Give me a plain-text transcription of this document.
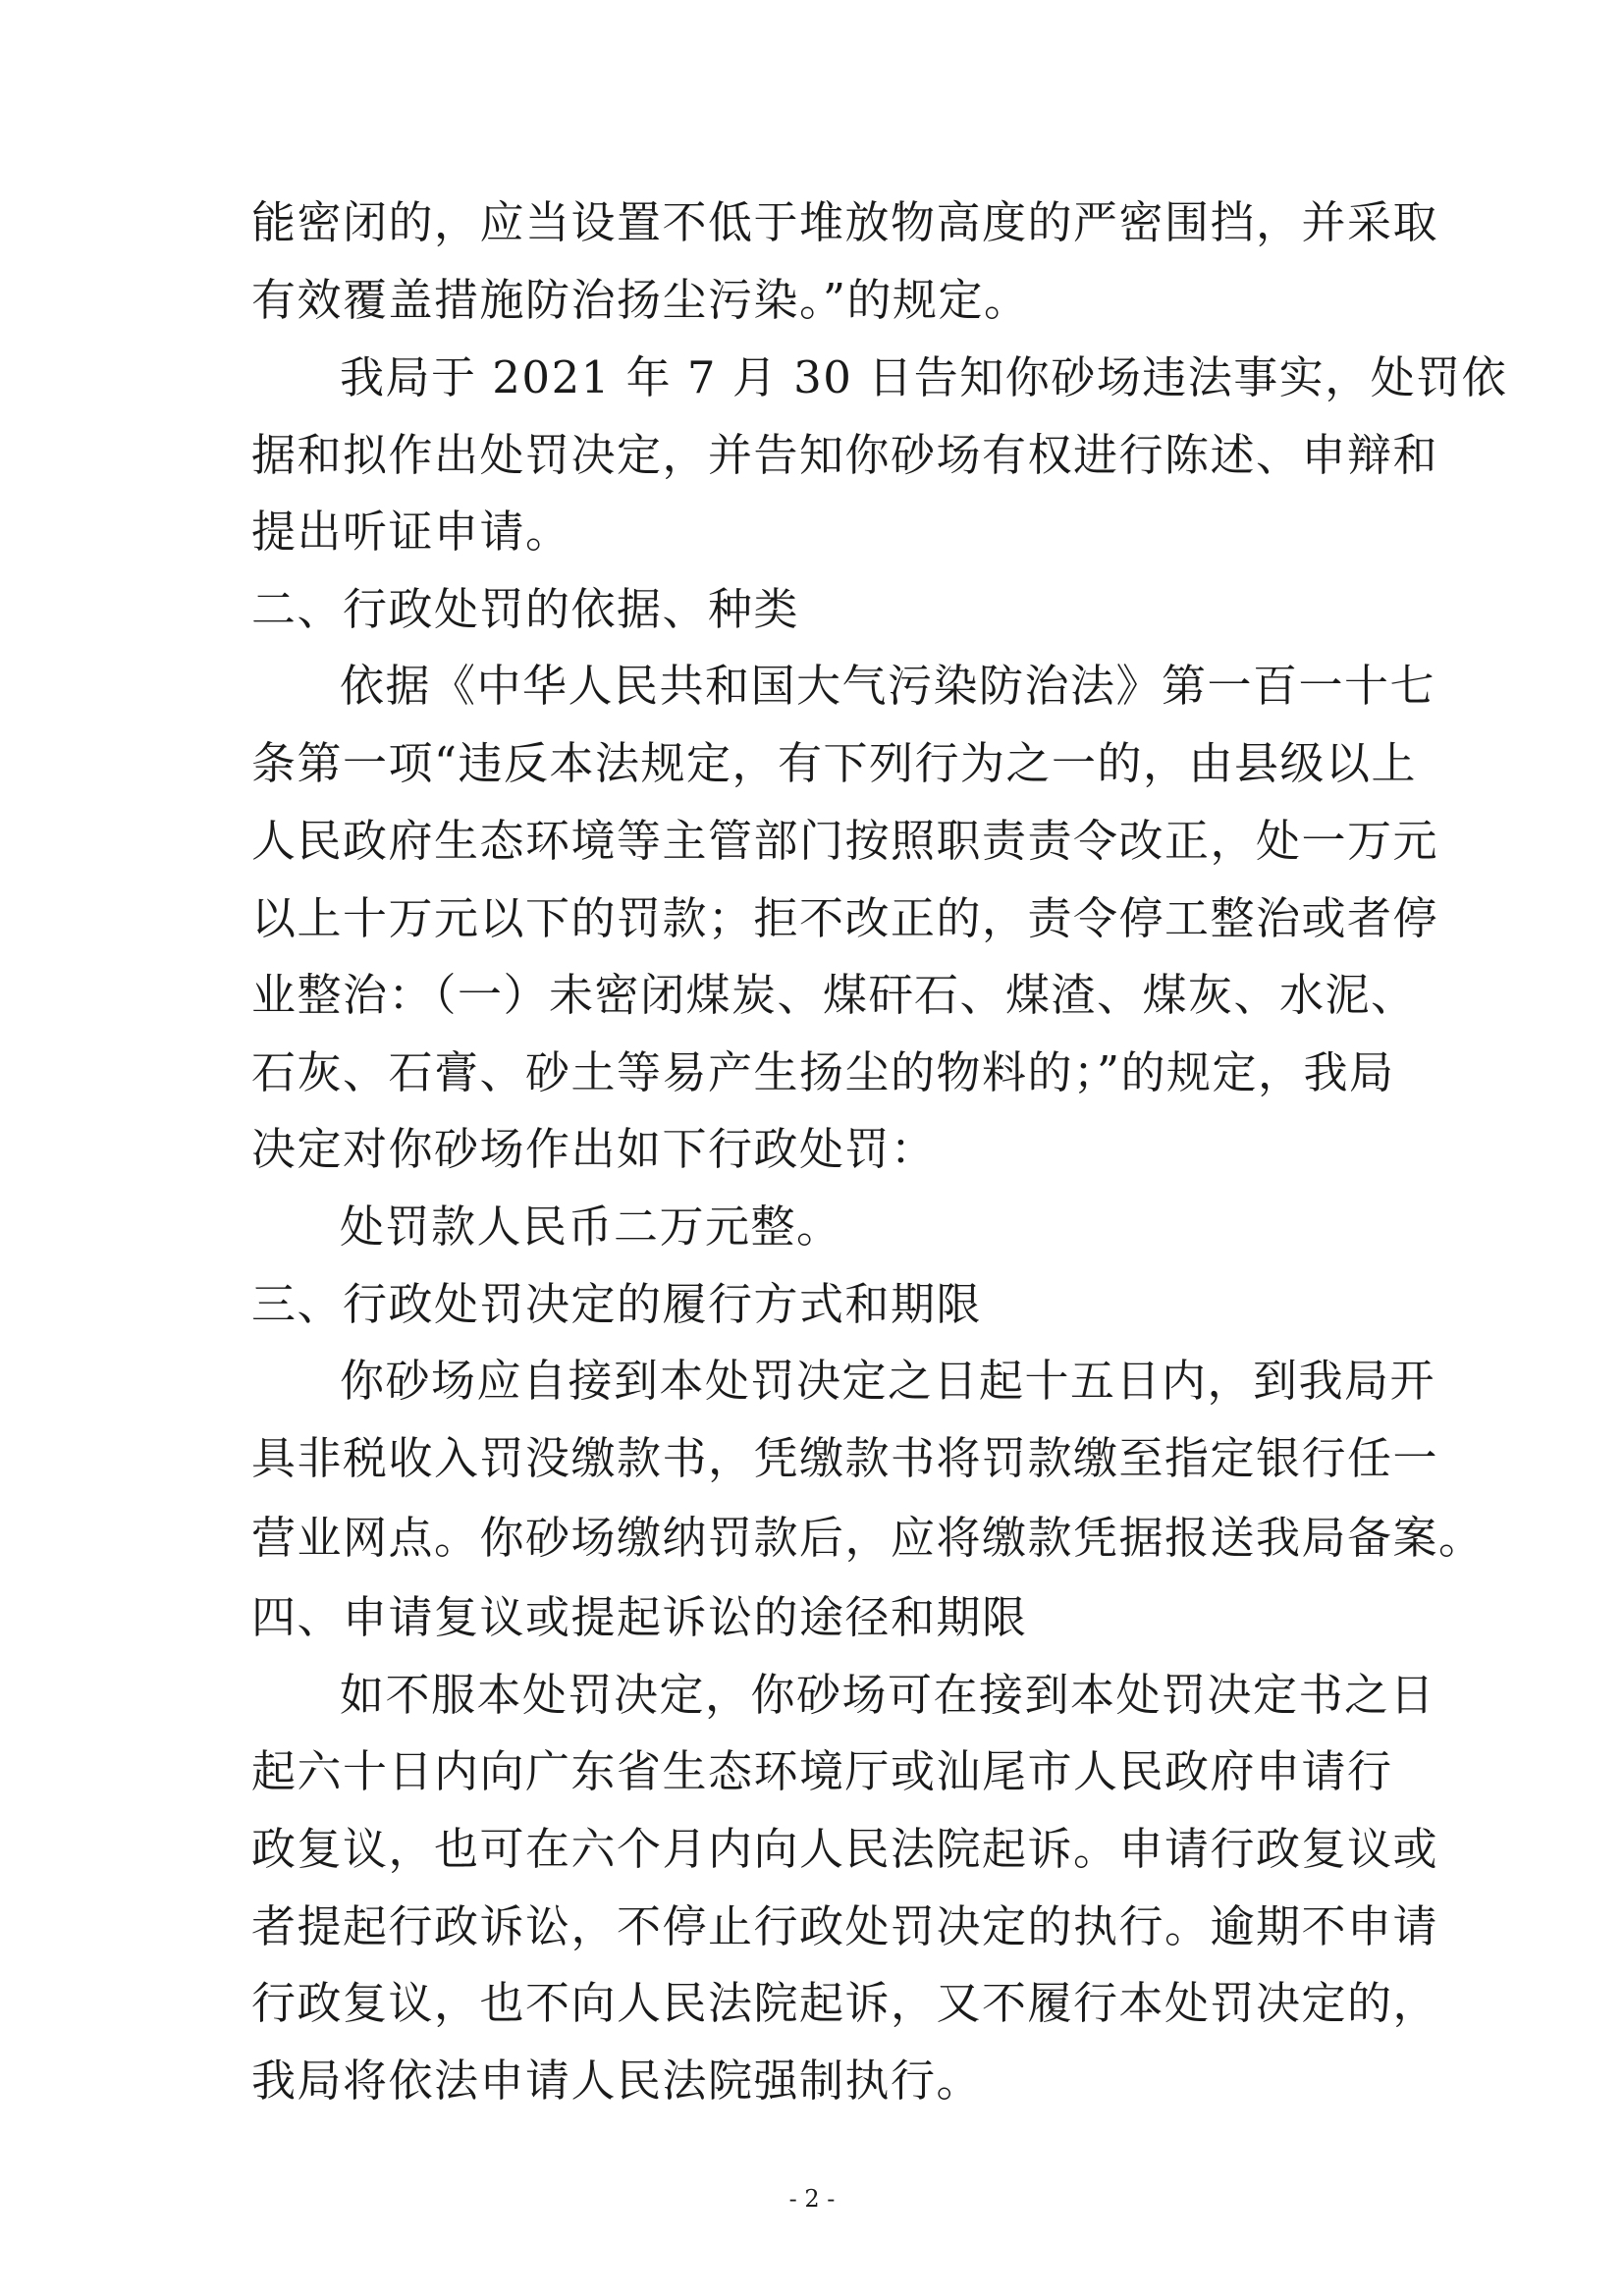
能密闭的，应当设置不低于堆放物高度的严密围挡，并采取
有效覆盖措施防治扬尘污染。”的规定。
我局于 2021 年 7 月 30 日告知你砂场违法事实，处罚依
据和拟作出处罚决定，并告知你砂场有权进行陈述、申辩和
提出听证申请。
二、行政处罚的依据、种类
依据《中华人民共和国大气污染防治法》第一百一十七
条第一项“违反本法规定，有下列行为之一的，由县级以上
人民政府生态环境等主管部门按照职责责令改正，处一万元
以上十万元以下的罚款；拒不改正的，责令停工整治或者停
业整治：（一）未密闭煤炭、煤矸石、煤渣、煤灰、水泥、
石灰、石膏、砂土等易产生扬尘的物料的；”的规定，我局
决定对你砂场作出如下行政处罚：
处罚款人民币二万元整。
三、行政处罚决定的履行方式和期限
你砂场应自接到本处罚决定之日起十五日内，到我局开
具非税收入罚没缴款书，凭缴款书将罚款缴至指定银行任一
营业网点。你砂场缴纳罚款后，应将缴款凭据报送我局备案。
四、申请复议或提起诉讼的途径和期限
如不服本处罚决定，你砂场可在接到本处罚决定书之日
起六十日内向广东省生态环境厅或汕尾市人民政府申请行
政复议，也可在六个月内向人民法院起诉。申请行政复议或
者提起行政诉讼，不停止行政处罚决定的执行。逾期不申请
行政复议，也不向人民法院起诉，又不履行本处罚决定的，
我局将依法申请人民法院强制执行。
- 2 -
